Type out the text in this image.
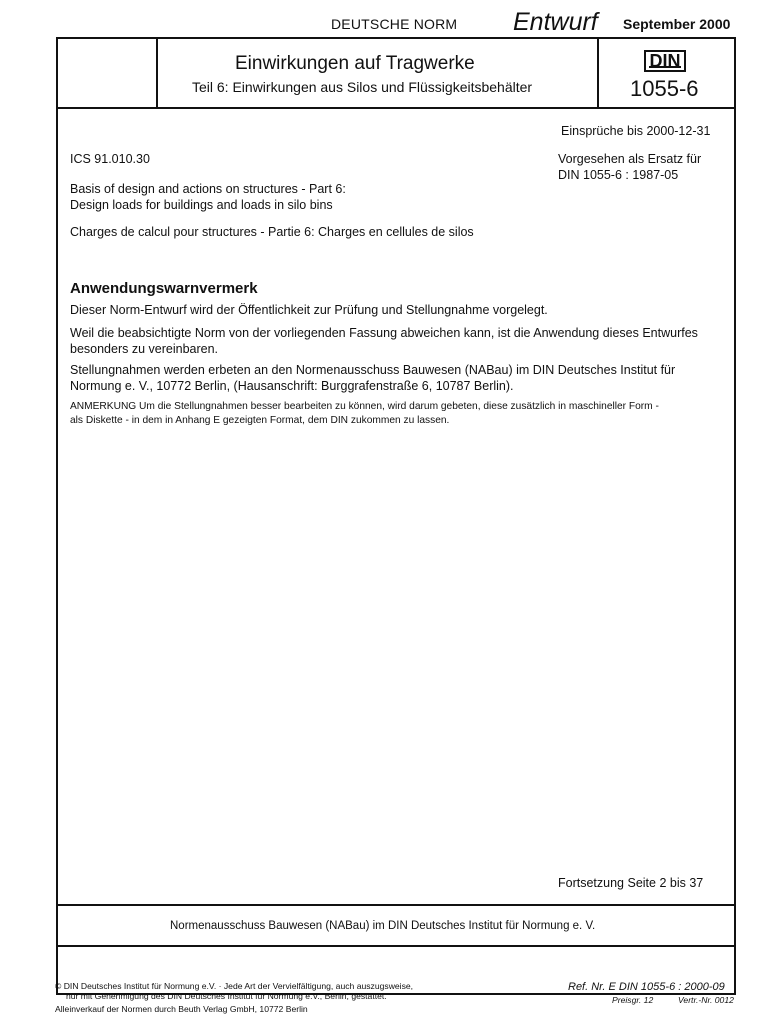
DEUTSCHE NORM Entwurf September 2000
Einwirkungen auf Tragwerke
Teil 6: Einwirkungen aus Silos und Flüssigkeitsbehälter
DIN
1055-6
Einsprüche bis 2000-12-31
ICS 91.010.30	Vorgesehen als Ersatz für
DIN 1055-6 : 1987-05
Basis of design and actions on structures - Part 6:
Design loads for buildings and loads in silo bins
Charges de calcul pour structures - Partie 6: Charges en cellules de silos
Anwendungswarnvermerk
Dieser Norm-Entwurf wird der Öffentlichkeit zur Prüfung und Stellungnahme vorgelegt.
Weil die beabsichtigte Norm von der vorliegenden Fassung abweichen kann, ist die Anwendung dieses Entwurfes
besonders zu vereinbaren.
Stellungnahmen werden erbeten an den Normenausschuss Bauwesen (NABau) im DIN Deutsches Institut für
Normung e. V., 10772 Berlin, (Hausanschrift: Burggrafenstraße 6, 10787 Berlin).
ANMERKUNG Um die Stellungnahmen besser bearbeiten zu können, wird darum gebeten, diese zusätzlich in maschineller Form -
als Diskette - in dem in Anhang E gezeigten Format, dem DIN zukommen zu lassen.
Fortsetzung Seite 2 bis 37
Normenausschuss Bauwesen (NABau) im DIN Deutsches Institut für Normung e. V.
© DIN Deutsches Institut für Normung e.V. · Jede Art der Vervielfältigung, auch auszugsweise,
nur mit Genehmigung des DIN Deutsches Institut für Normung e.V., Berlin, gestattet.
Alleinverkauf der Normen durch Beuth Verlag GmbH, 10772 Berlin
Ref. Nr. E DIN 1055-6 : 2000-09
Preisgr. 12	Vertr.-Nr. 0012
